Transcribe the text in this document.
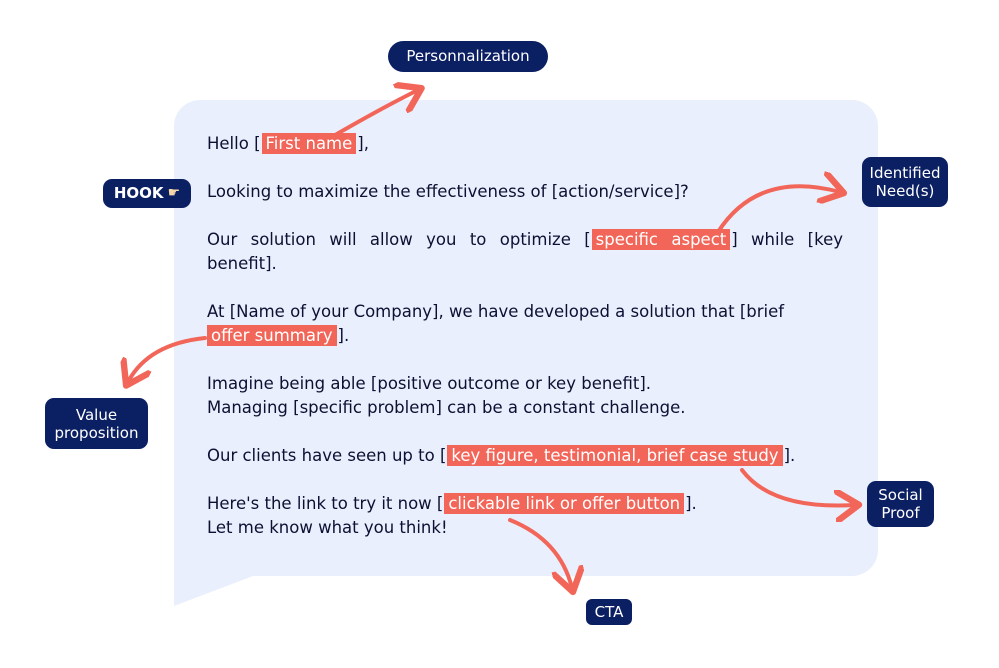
Hello [ First name ],
Looking to maximize the effectiveness of [action/service]?
Our solution will allow you to optimize [ specific aspect ] while [key
benefit].
At [Name of your Company], we have developed a solution that [brief
offer summary ].
Imagine being able [positive outcome or key benefit].
Managing [specific problem] can be a constant challenge.
Our clients have seen up to [ key figure, testimonial, brief case study ].
Here's the link to try it now [ clickable link or offer button ].
Let me know what you think!
Personnalization
HOOK ☛
Identified
Need(s)
Value
proposition
Social
Proof
CTA
